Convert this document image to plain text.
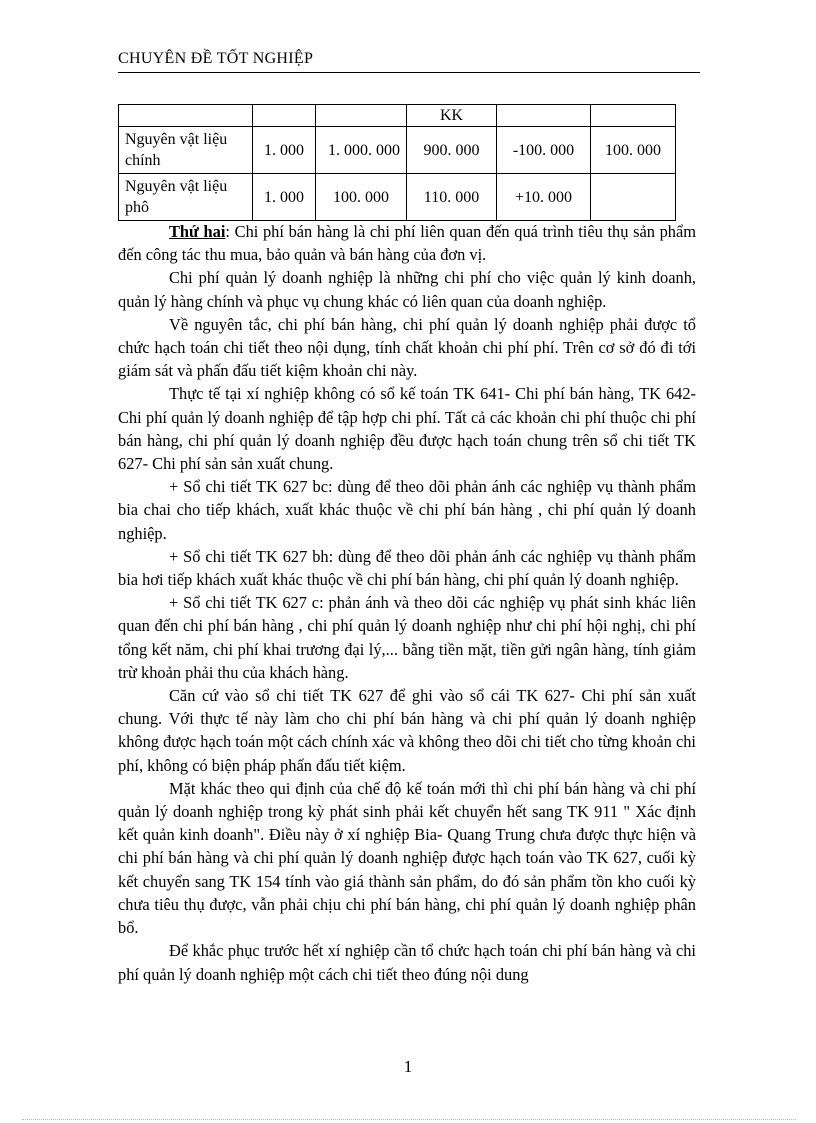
CHUYÊN ĐỀ TỐT NGHIỆP
			KK		
Nguyên vật liệu chính	1. 000	1. 000. 000	900. 000	-100. 000	100. 000
Nguyên vật liệu phô	1. 000	100. 000	110. 000	+10. 000	

Thứ hai: Chi phí bán hàng là chi phí liên quan đến quá trình tiêu thụ sản phẩm đến công tác thu mua, bảo quản và bán hàng của đơn vị.

Chi phí quản lý doanh nghiệp là những chi phí cho việc quản lý kinh doanh, quản lý hàng chính và phục vụ chung khác có liên quan của doanh nghiệp.

Về nguyên tắc, chi phí bán hàng, chi phí quản lý doanh nghiệp phải được tổ chức hạch toán chi tiết theo nội dụng, tính chất khoản chi phí phí. Trên cơ sở đó đi tới giám sát và phấn đấu tiết kiệm khoản chi này.

Thực tế tại xí nghiệp không có sổ kế toán TK 641- Chi phí bán hàng, TK 642- Chi phí quản lý doanh nghiệp để tập hợp chi phí. Tất cả các khoản chi phí thuộc chi phí bán hàng, chi phí quản lý doanh nghiệp đều được hạch toán chung trên sổ chi tiết TK 627- Chi phí sản sản xuất chung.

+ Sổ chi tiết TK 627 bc: dùng để theo dõi phản ánh các nghiệp vụ thành phẩm bia chai cho tiếp khách, xuất khác thuộc về chi phí bán hàng , chi phí quản lý doanh nghiệp.

+ Sổ chi tiết TK 627 bh: dùng để theo dõi phản ánh các nghiệp vụ thành phẩm bia hơi tiếp khách xuất khác thuộc về chi phí bán hàng, chi phí quản lý doanh nghiệp.

+ Sổ chi tiết TK 627 c: phản ánh và theo dõi các nghiệp vụ phát sinh khác liên quan đến chi phí bán hàng , chi phí quản lý doanh nghiệp như chi phí hội nghị, chi phí tổng kết năm, chi phí khai trương đại lý,... bằng tiền mặt, tiền gửi ngân hàng, tính giảm trừ khoản phải thu của khách hàng.

Căn cứ vào sổ chi tiết TK 627 để ghi vào sổ cái TK 627- Chi phí sản xuất chung. Với thực tế này làm cho chi phí bán hàng và chi phí quản lý doanh nghiệp không được hạch toán một cách chính xác và không theo dõi chi tiết cho từng khoản chi phí, không có biện pháp phấn đấu tiết kiệm.

Mặt khác theo qui định của chế độ kế toán mới thì chi phí bán hàng và chi phí quản lý doanh nghiệp trong kỳ phát sinh phải kết chuyển hết sang TK 911 " Xác định kết quản kinh doanh". Điều này ở xí nghiệp Bia- Quang Trung chưa được thực hiện và chi phí bán hàng và chi phí quản lý doanh nghiệp được hạch toán vào TK 627, cuối kỳ kết chuyển sang TK 154 tính vào giá thành sản phẩm, do đó sản phẩm tồn kho cuối kỳ chưa tiêu thụ được, vẫn phải chịu chi phí bán hàng, chi phí quản lý doanh nghiệp phân bổ.

Để khắc phục trước hết xí nghiệp cần tổ chức hạch toán chi phí bán hàng và chi phí quản lý doanh nghiệp một cách chi tiết theo đúng nội dung

1
